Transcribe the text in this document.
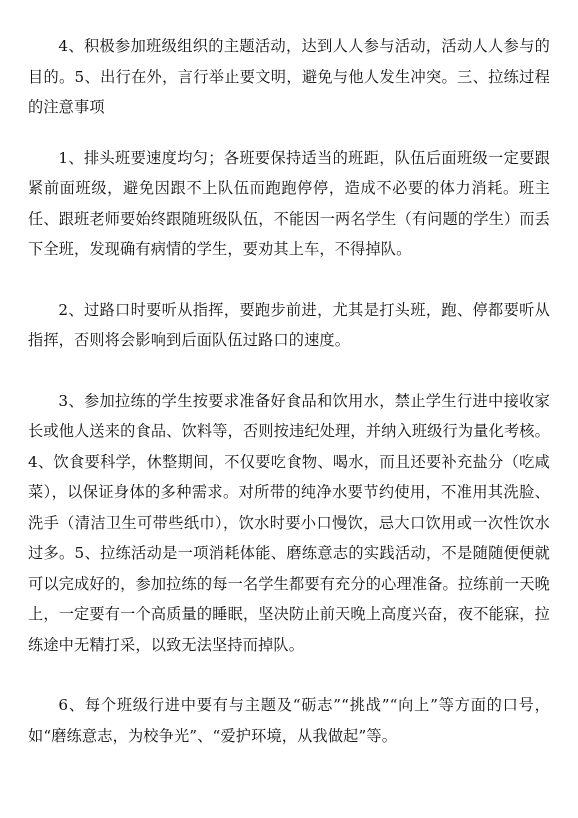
4、积极参加班级组织的主题活动，达到人人参与活动，活动人人参与的目的。5、出行在外，言行举止要文明，避免与他人发生冲突。三、拉练过程的注意事项

1、排头班要速度均匀；各班要保持适当的班距，队伍后面班级一定要跟紧前面班级，避免因跟不上队伍而跑跑停停，造成不必要的体力消耗。班主任、跟班老师要始终跟随班级队伍，不能因一两名学生（有问题的学生）而丢下全班，发现确有病情的学生，要劝其上车，不得掉队。

2、过路口时要听从指挥，要跑步前进，尤其是打头班，跑、停都要听从指挥，否则将会影响到后面队伍过路口的速度。

3、参加拉练的学生按要求准备好食品和饮用水，禁止学生行进中接收家长或他人送来的食品、饮料等，否则按违纪处理，并纳入班级行为量化考核。4、饮食要科学，休整期间，不仅要吃食物、喝水，而且还要补充盐分（吃咸菜），以保证身体的多种需求。对所带的纯净水要节约使用，不准用其洗脸、洗手（清洁卫生可带些纸巾），饮水时要小口慢饮，忌大口饮用或一次性饮水过多。5、拉练活动是一项消耗体能、磨练意志的实践活动，不是随随便便就可以完成好的，参加拉练的每一名学生都要有充分的心理准备。拉练前一天晚上，一定要有一个高质量的睡眠，坚决防止前天晚上高度兴奋，夜不能寐，拉练途中无精打采，以致无法坚持而掉队。

6、每个班级行进中要有与主题及“砺志”“挑战”“向上”等方面的口号，如“磨练意志，为校争光”、“爱护环境，从我做起”等。
